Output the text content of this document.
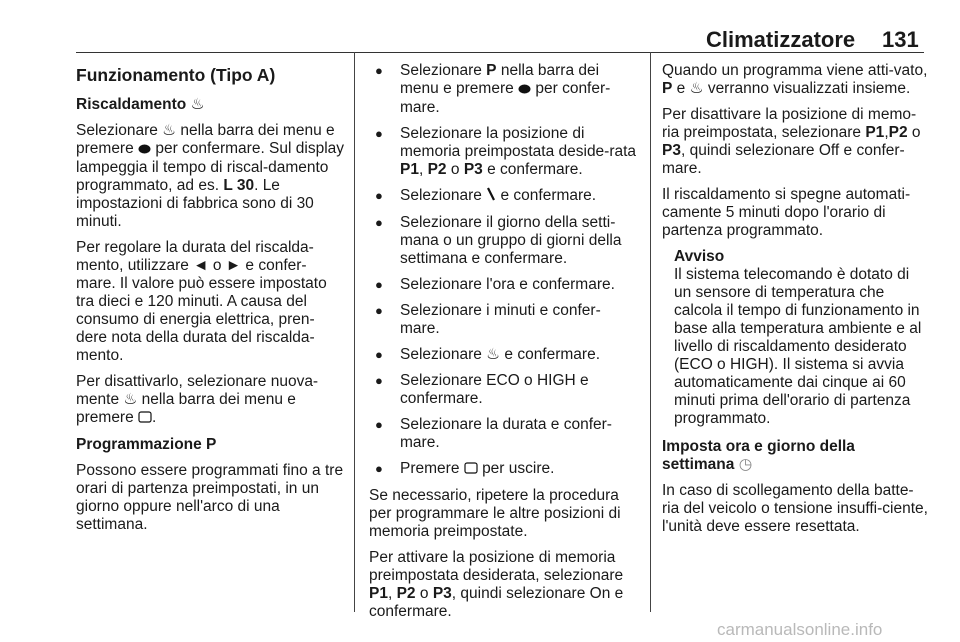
Climatizzatore 131
Funzionamento (Tipo A)

Riscaldamento ♨

Selezionare ♨ nella barra dei menu e premere per confermare. Sul display lampeggia il tempo di riscal-damento programmato, ad es. L 30. Le impostazioni di fabbrica sono di 30 minuti.

Per regolare la durata del riscalda-mento, utilizzare ◄ o ► e confer-mare. Il valore può essere impostato tra dieci e 120 minuti. A causa del consumo di energia elettrica, pren-dere nota della durata del riscalda-mento.

Per disattivarlo, selezionare nuova-mente ♨ nella barra dei menu e premere .

Programmazione P

Possono essere programmati fino a tre orari di partenza preimpostati, in un giorno oppure nell'arco di una settimana.

● Selezionare P nella barra dei menu e premere per confer-mare.
● Selezionare la posizione di memoria preimpostata deside-rata P1, P2 o P3 e confermare.
● Selezionare e confermare.
● Selezionare il giorno della setti-mana o un gruppo di giorni della settimana e confermare.
● Selezionare l'ora e confermare.
● Selezionare i minuti e confer-mare.
● Selezionare ♨ e confermare.
● Selezionare ECO o HIGH e confermare.
● Selezionare la durata e confer-mare.
● Premere per uscire.

Se necessario, ripetere la procedura per programmare le altre posizioni di memoria preimpostate.

Per attivare la posizione di memoria preimpostata desiderata, selezionare P1, P2 o P3, quindi selezionare On e confermare.

Quando un programma viene atti-vato, P e ♨ verranno visualizzati insieme.

Per disattivare la posizione di memo-ria preimpostata, selezionare P1,P2 o P3, quindi selezionare Off e confer-mare.

Il riscaldamento si spegne automati-camente 5 minuti dopo l'orario di partenza programmato.

Avviso

Il sistema telecomando è dotato di un sensore di temperatura che calcola il tempo di funzionamento in base alla temperatura ambiente e al livello di riscaldamento desiderato (ECO o HIGH). Il sistema si avvia automaticamente dai cinque ai 60 minuti prima dell'orario di partenza programmato.

Imposta ora e giorno della settimana ◷

In caso di scollegamento della batte-ria del veicolo o tensione insuffi-ciente, l'unità deve essere resettata.

carmanualsonline.info
